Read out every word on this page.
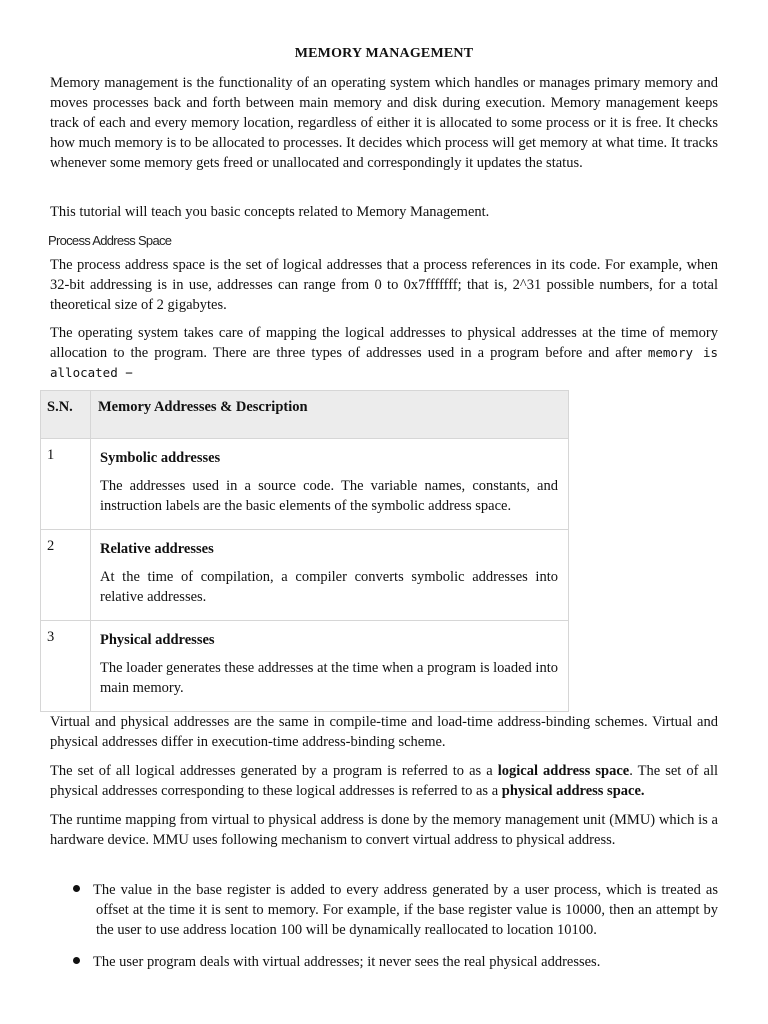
MEMORY MANAGEMENT
Memory management is the functionality of an operating system which handles or manages primary memory and moves processes back and forth between main memory and disk during execution. Memory management keeps track of each and every memory location, regardless of either it is allocated to some process or it is free. It checks how much memory is to be allocated to processes. It decides which process will get memory at what time. It tracks whenever some memory gets freed or unallocated and correspondingly it updates the status.
This tutorial will teach you basic concepts related to Memory Management.
Process Address Space
The process address space is the set of logical addresses that a process references in its code. For example, when 32-bit addressing is in use, addresses can range from 0 to 0x7fffffff; that is, 2^31 possible numbers, for a total theoretical size of 2 gigabytes.
The operating system takes care of mapping the logical addresses to physical addresses at the time of memory allocation to the program. There are three types of addresses used in a program before and after memory is allocated −
S.N.	Memory Addresses & Description

1	Symbolic addresses
The addresses used in a source code. The variable names, constants, and instruction labels are the basic elements of the symbolic address space.

2	Relative addresses
At the time of compilation, a compiler converts symbolic addresses into relative addresses.

3	Physical addresses
The loader generates these addresses at the time when a program is loaded into main memory.
Virtual and physical addresses are the same in compile-time and load-time address-binding schemes. Virtual and physical addresses differ in execution-time address-binding scheme.
The set of all logical addresses generated by a program is referred to as a logical address space. The set of all physical addresses corresponding to these logical addresses is referred to as a physical address space.
The runtime mapping from virtual to physical address is done by the memory management unit (MMU) which is a hardware device. MMU uses following mechanism to convert virtual address to physical address.
The value in the base register is added to every address generated by a user process, which is treated as offset at the time it is sent to memory. For example, if the base register value is 10000, then an attempt by the user to use address location 100 will be dynamically reallocated to location 10100.
The user program deals with virtual addresses; it never sees the real physical addresses.
